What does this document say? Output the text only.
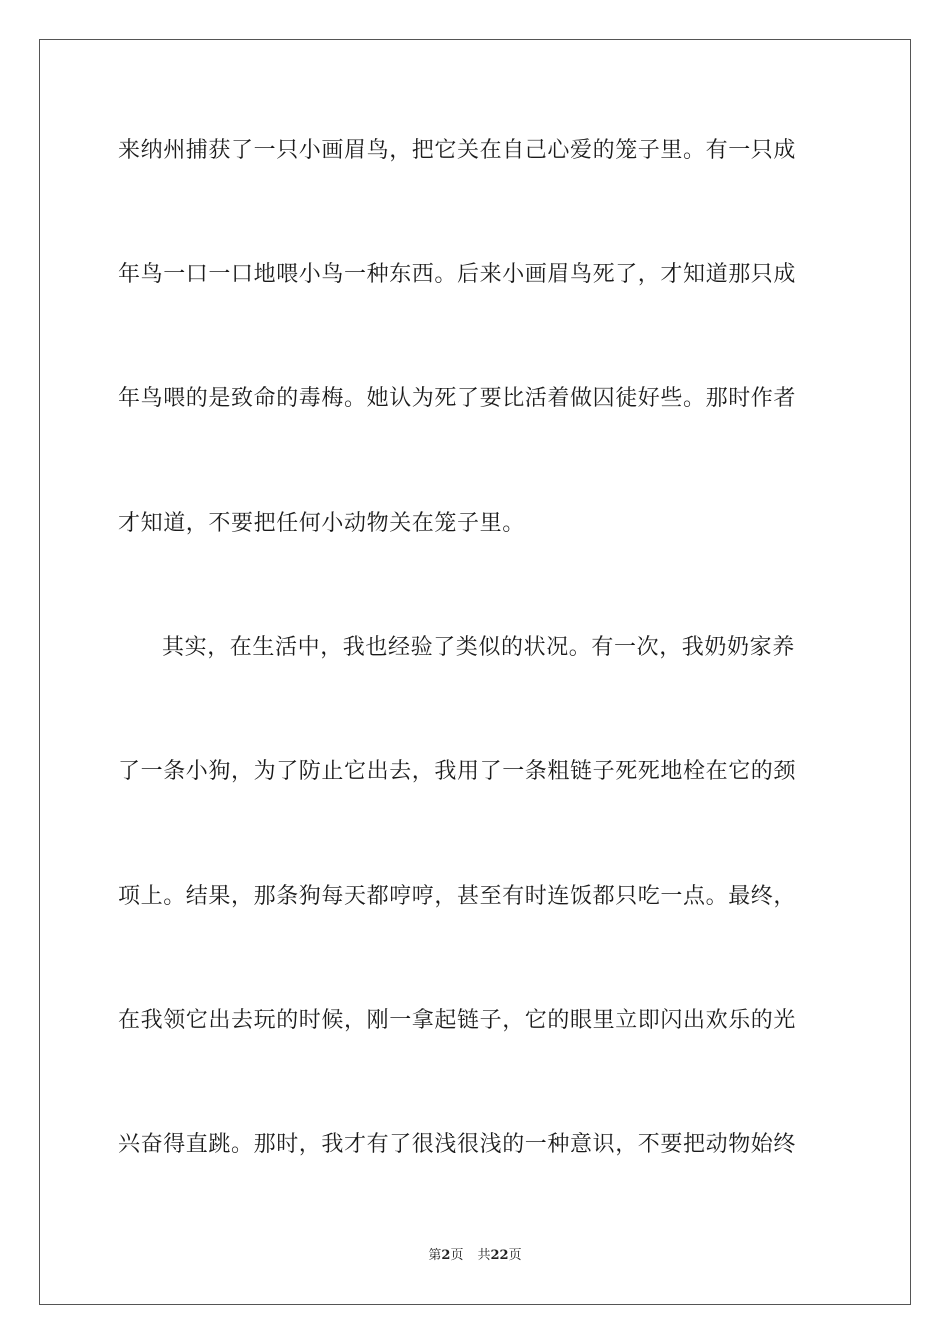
来纳州捕获了一只小画眉鸟，把它关在自己心爱的笼子里。有一只成
年鸟一口一口地喂小鸟一种东西。后来小画眉鸟死了，才知道那只成
年鸟喂的是致命的毒梅。她认为死了要比活着做囚徒好些。那时作者
才知道，不要把任何小动物关在笼子里。
其实，在生活中，我也经验了类似的状况。有一次，我奶奶家养
了一条小狗，为了防止它出去，我用了一条粗链子死死地栓在它的颈
项上。结果，那条狗每天都哼哼，甚至有时连饭都只吃一点。最终，
在我领它出去玩的时候，刚一拿起链子，它的眼里立即闪出欢乐的光
兴奋得直跳。那时，我才有了很浅很浅的一种意识，不要把动物始终
第2页 共22页
